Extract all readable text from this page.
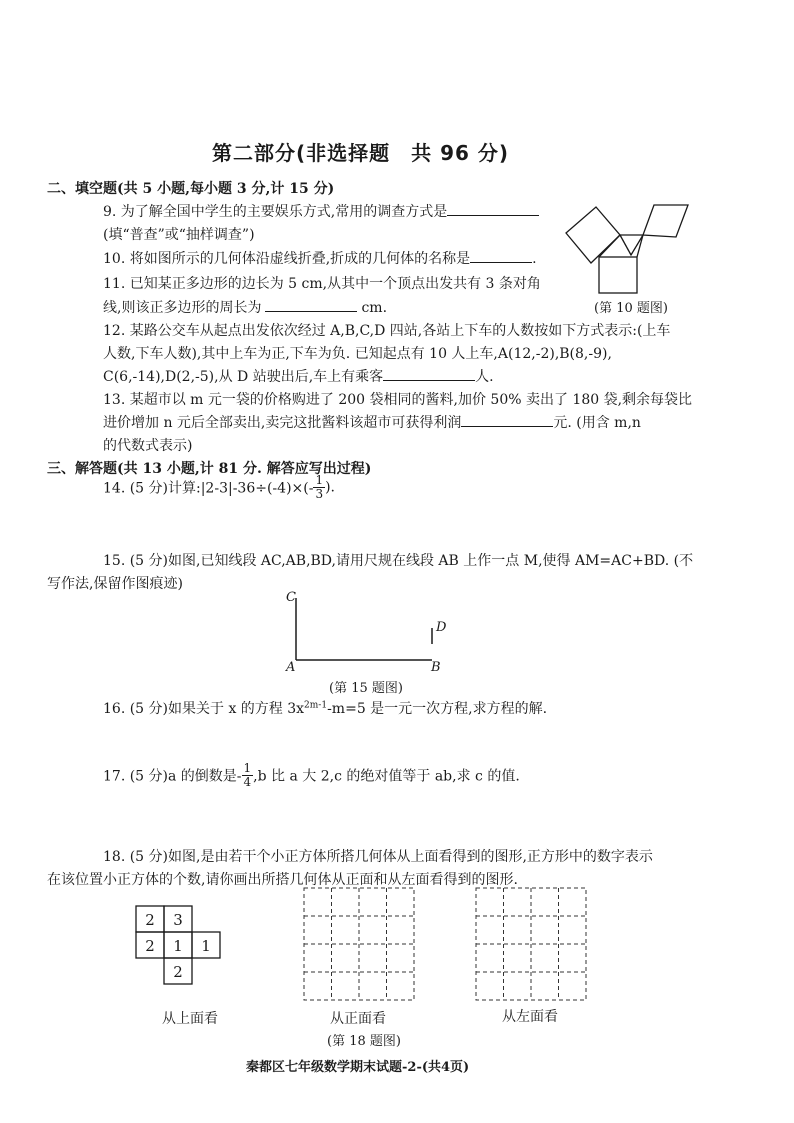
第二部分(非选择题　共 96 分)
二、填空题(共 5 小题,每小题 3 分,计 15 分)
9. 为了解全国中学生的主要娱乐方式,常用的调查方式是
(填“普查”或“抽样调查”)
10. 将如图所示的几何体沿虚线折叠,折成的几何体的名称是	.
(第 10 题图)
11. 已知某正多边形的边长为 5 cm,从其中一个顶点出发共有 3 条对角
线,则该正多边形的周长为	cm.
12. 某路公交车从起点出发依次经过 A,B,C,D 四站,各站上下车的人数按如下方式表示:(上车
人数,下车人数),其中上车为正,下车为负. 已知起点有 10 人上车,A(12,-2),B(8,-9),
C(6,-14),D(2,-5),从 D 站驶出后,车上有乘客	人.
13. 某超市以 m 元一袋的价格购进了 200 袋相同的酱料,加价 50% 卖出了 180 袋,剩余每袋比
进价增加 n 元后全部卖出,卖完这批酱料该超市可获得利润	元. (用含 m,n
的代数式表示)
三、解答题(共 13 小题,计 81 分. 解答应写出过程)
14. (5 分)计算:|2-3|-36÷(-4)×(- $\frac{1}{3}$ ).
15. (5 分)如图,已知线段 AC,AB,BD,请用尺规在线段 AB 上作一点 M,使得 AM=AC+BD. (不
写作法,保留作图痕迹)
C
D
A	B
(第 15 题图)
16. (5 分)如果关于 x 的方程 $3x^{2m-1}-m=5$ 是一元一次方程,求方程的解.
17. (5 分)a 的倒数是- $\frac{1}{4} ,b$ 比 a 大 2,c 的绝对值等于 ab,求 c 的值.
18. (5 分)如图,是由若干个小正方体所搭几何体从上面看得到的图形,正方形中的数字表示
在该位置小正方体的个数,请你画出所搭几何体从正面和从左面看得到的图形.
2 3
2 1 1
2
从上面看	从正面看
(第 18 题图)
从左面看
秦都区七年级数学期末试题-2-(共4页)
